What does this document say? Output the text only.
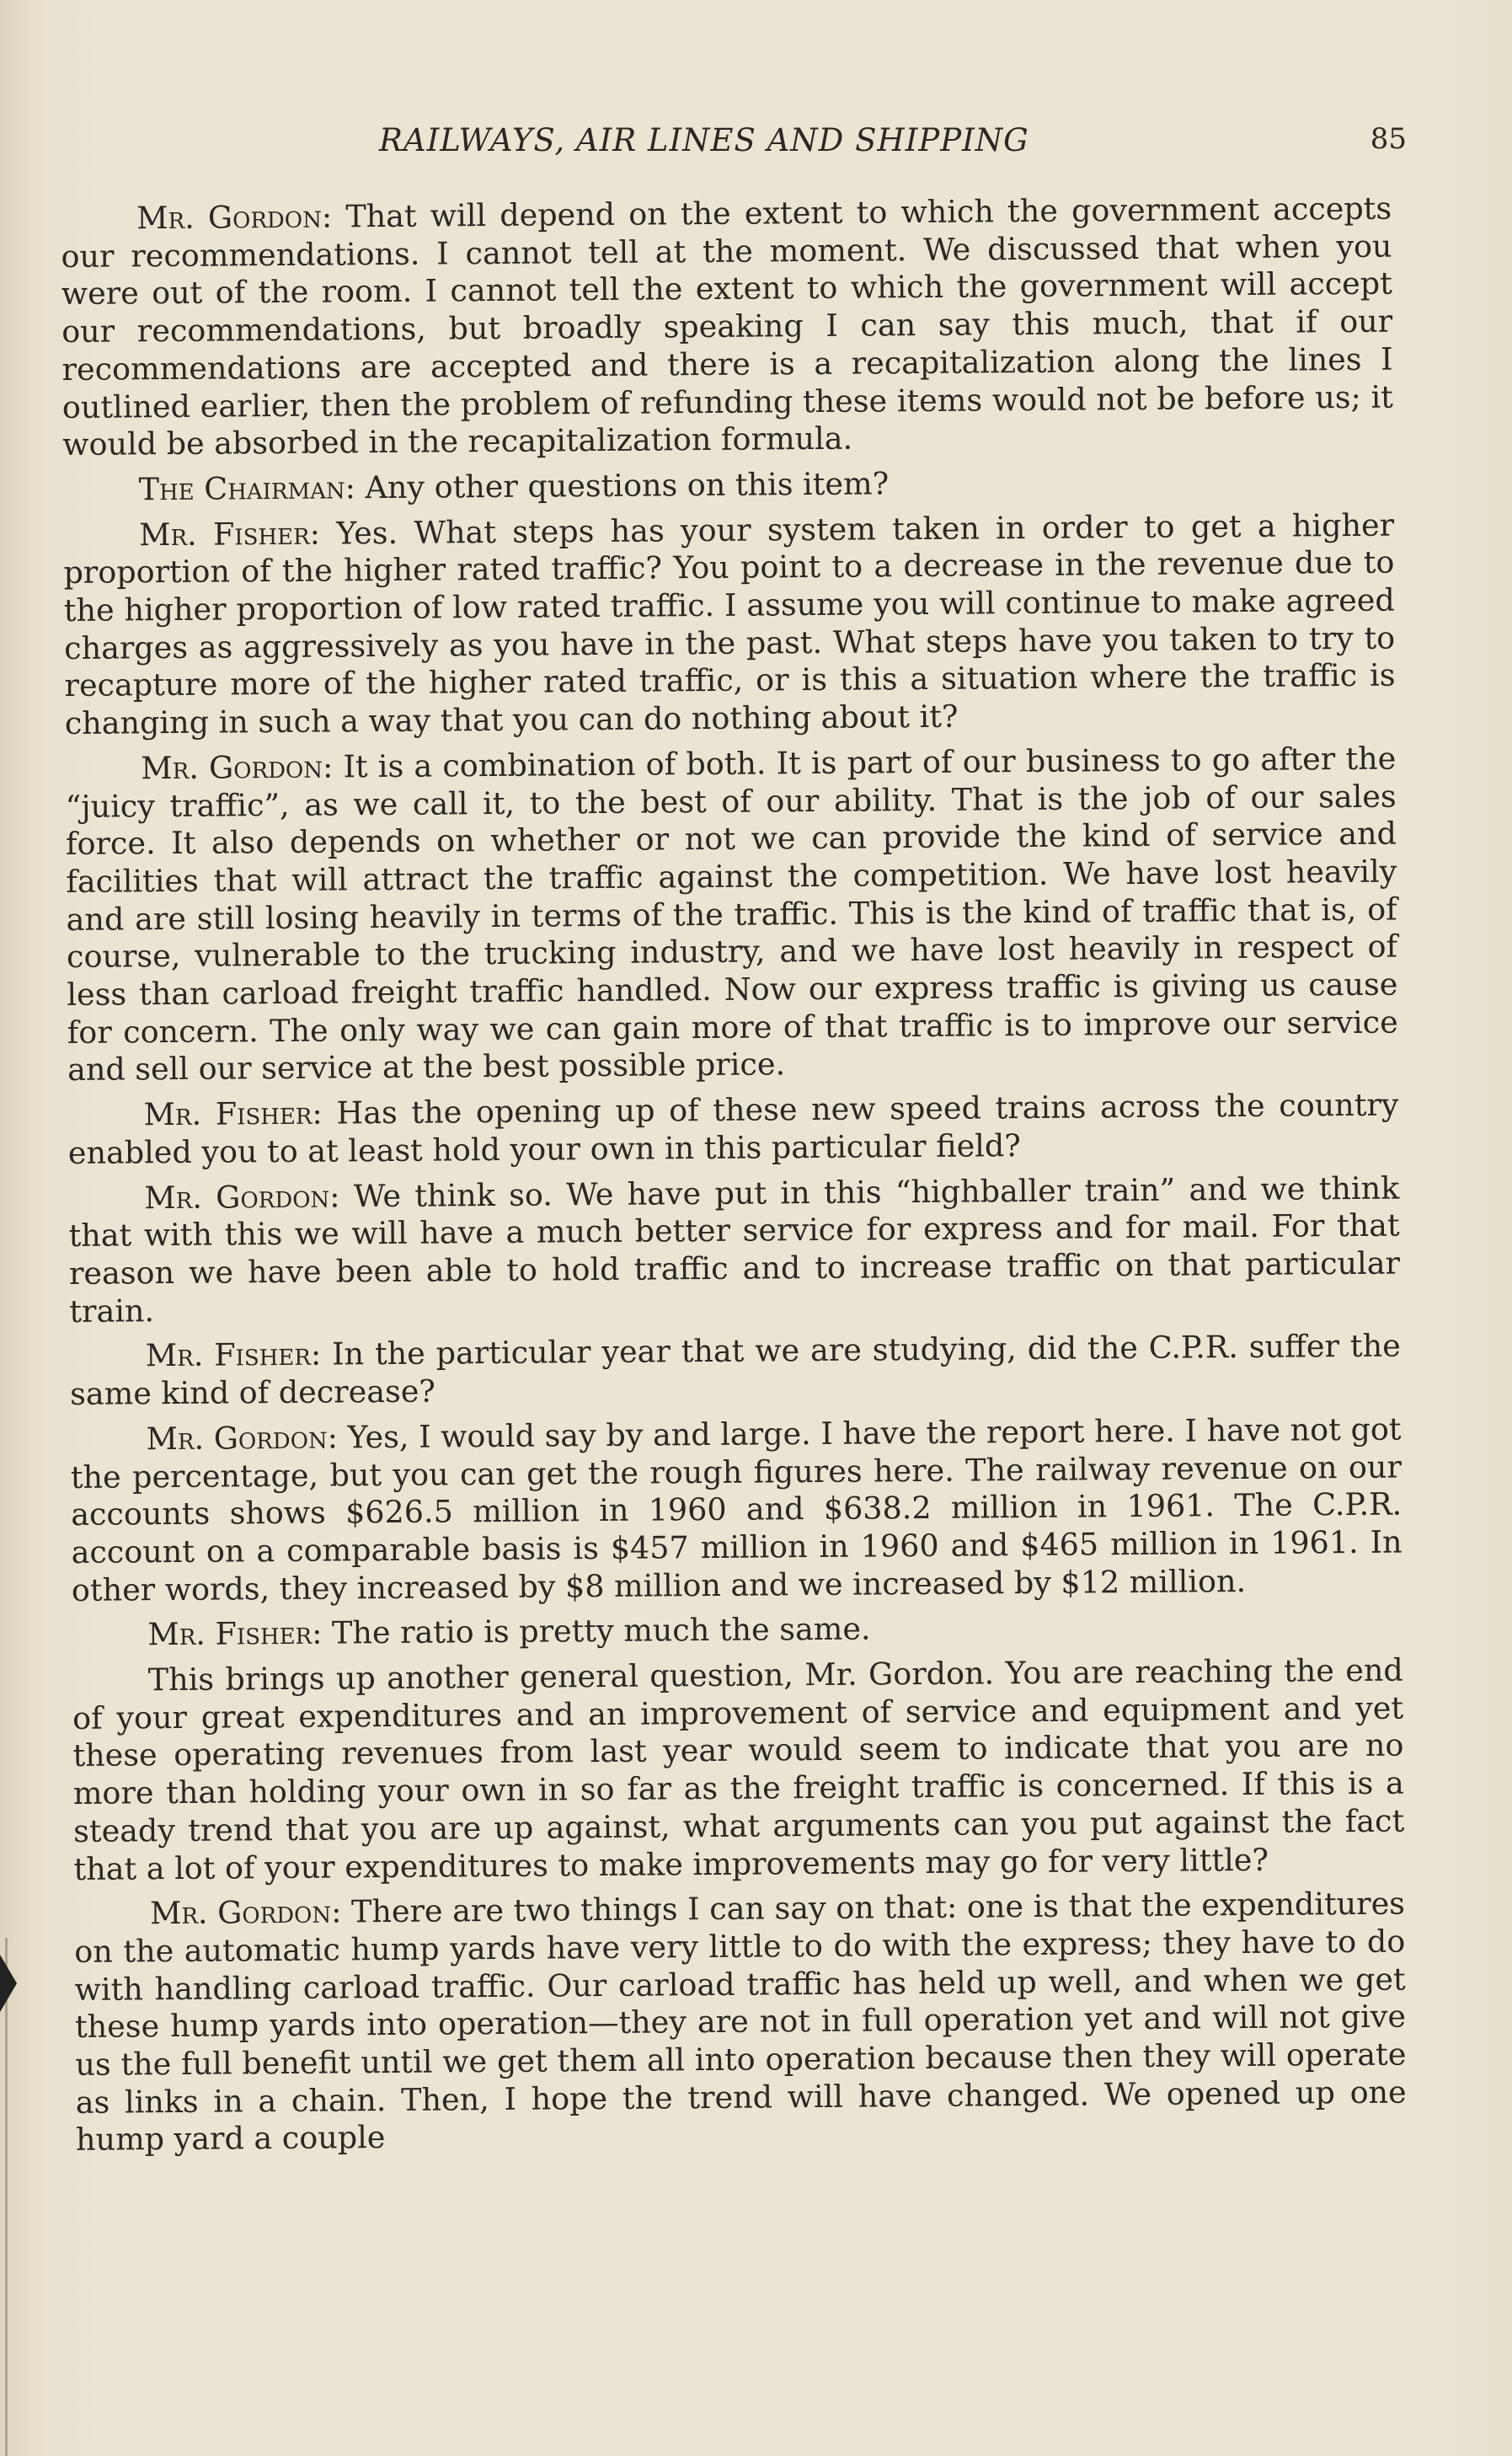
RAILWAYS, AIR LINES AND SHIPPING	85

Mr. Gordon: That will depend on the extent to which the government accepts our recommendations. I cannot tell at the moment. We discussed that when you were out of the room. I cannot tell the extent to which the government will accept our recommendations, but broadly speaking I can say this much, that if our recommendations are accepted and there is a recapitalization along the lines I outlined earlier, then the problem of refunding these items would not be before us; it would be absorbed in the recapitalization formula.

The Chairman: Any other questions on this item?

Mr. Fisher: Yes. What steps has your system taken in order to get a higher proportion of the higher rated traffic? You point to a decrease in the revenue due to the higher proportion of low rated traffic. I assume you will continue to make agreed charges as aggressively as you have in the past. What steps have you taken to try to recapture more of the higher rated traffic, or is this a situation where the traffic is changing in such a way that you can do nothing about it?

Mr. Gordon: It is a combination of both. It is part of our business to go after the “juicy traffic”, as we call it, to the best of our ability. That is the job of our sales force. It also depends on whether or not we can provide the kind of service and facilities that will attract the traffic against the competition. We have lost heavily and are still losing heavily in terms of the traffic. This is the kind of traffic that is, of course, vulnerable to the trucking industry, and we have lost heavily in respect of less than carload freight traffic handled. Now our express traffic is giving us cause for concern. The only way we can gain more of that traffic is to improve our service and sell our service at the best possible price.

Mr. Fisher: Has the opening up of these new speed trains across the country enabled you to at least hold your own in this particular field?

Mr. Gordon: We think so. We have put in this “highballer train” and we think that with this we will have a much better service for express and for mail. For that reason we have been able to hold traffic and to increase traffic on that particular train.

Mr. Fisher: In the particular year that we are studying, did the C.P.R. suffer the same kind of decrease?

Mr. Gordon: Yes, I would say by and large. I have the report here. I have not got the percentage, but you can get the rough figures here. The railway revenue on our accounts shows $626.5 million in 1960 and $638.2 million in 1961. The C.P.R. account on a comparable basis is $457 million in 1960 and $465 million in 1961. In other words, they increased by $8 million and we increased by $12 million.

Mr. Fisher: The ratio is pretty much the same.

This brings up another general question, Mr. Gordon. You are reaching the end of your great expenditures and an improvement of service and equipment and yet these operating revenues from last year would seem to indicate that you are no more than holding your own in so far as the freight traffic is concerned. If this is a steady trend that you are up against, what arguments can you put against the fact that a lot of your expenditures to make improvements may go for very little?

Mr. Gordon: There are two things I can say on that: one is that the expenditures on the automatic hump yards have very little to do with the express; they have to do with handling carload traffic. Our carload traffic has held up well, and when we get these hump yards into operation—they are not in full operation yet and will not give us the full benefit until we get them all into operation because then they will operate as links in a chain. Then, I hope the trend will have changed. We opened up one hump yard a couple
